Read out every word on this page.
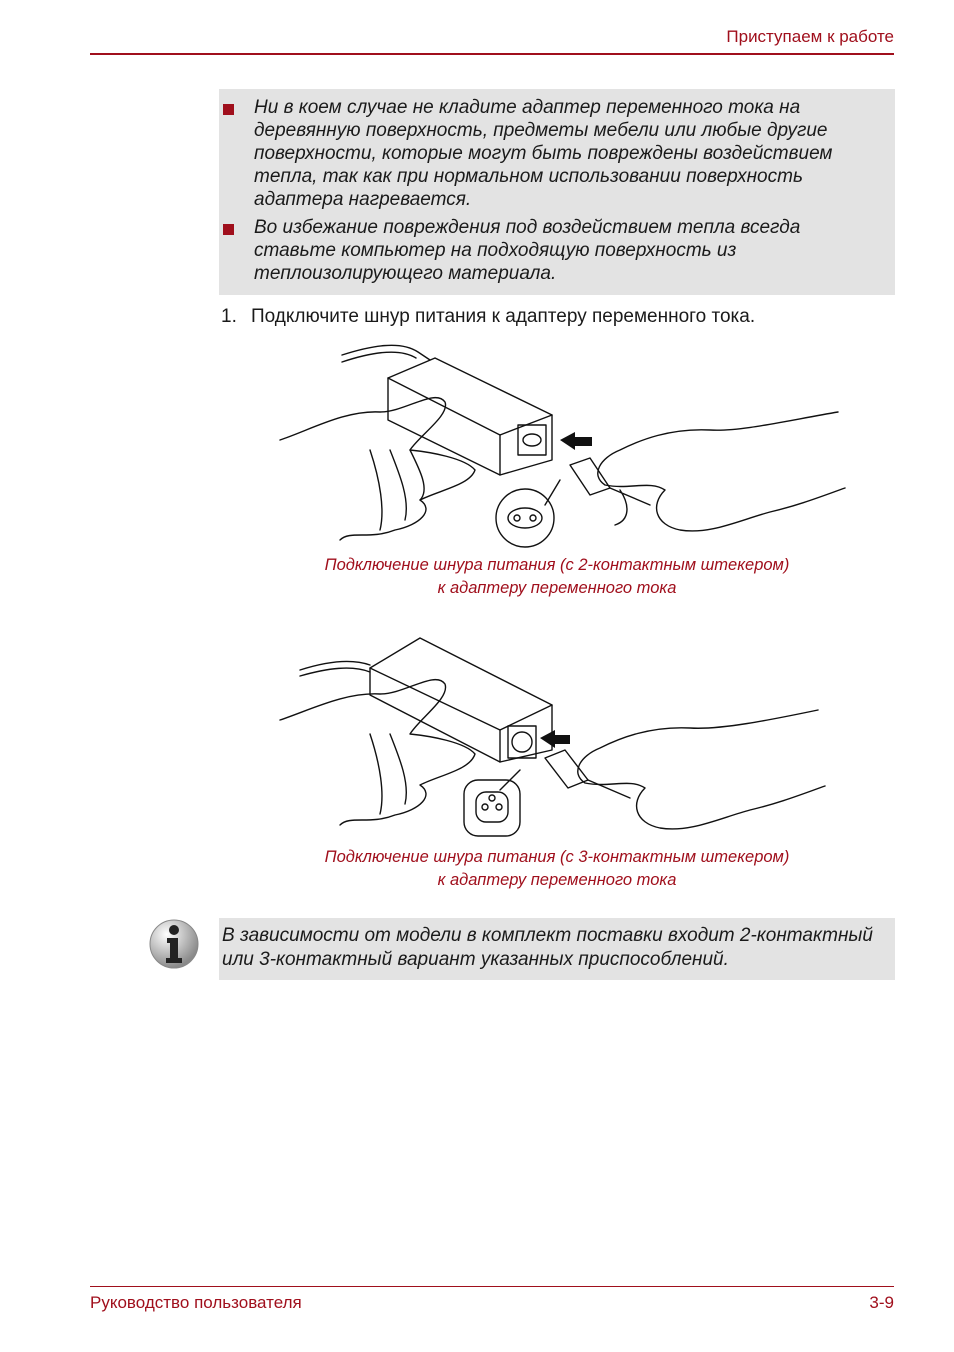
Приступаем к работе
Ни в коем случае не кладите адаптер переменного тока на деревянную поверхность, предметы мебели или любые другие поверхности, которые могут быть повреждены воздействием тепла, так как при нормальном использовании поверхность адаптера нагревается.
Во избежание повреждения под воздействием тепла всегда ставьте компьютер на подходящую поверхность из теплоизолирующего материала.
1. Подключите шнур питания к адаптеру переменного тока.
Подключение шнура питания (с 2-контактным штекером)
к адаптеру переменного тока
Подключение шнура питания (с 3-контактным штекером)
к адаптеру переменного тока
В зависимости от модели в комплект поставки входит 2-контактный или 3-контактный вариант указанных приспособлений.
Руководство пользователя	3-9
